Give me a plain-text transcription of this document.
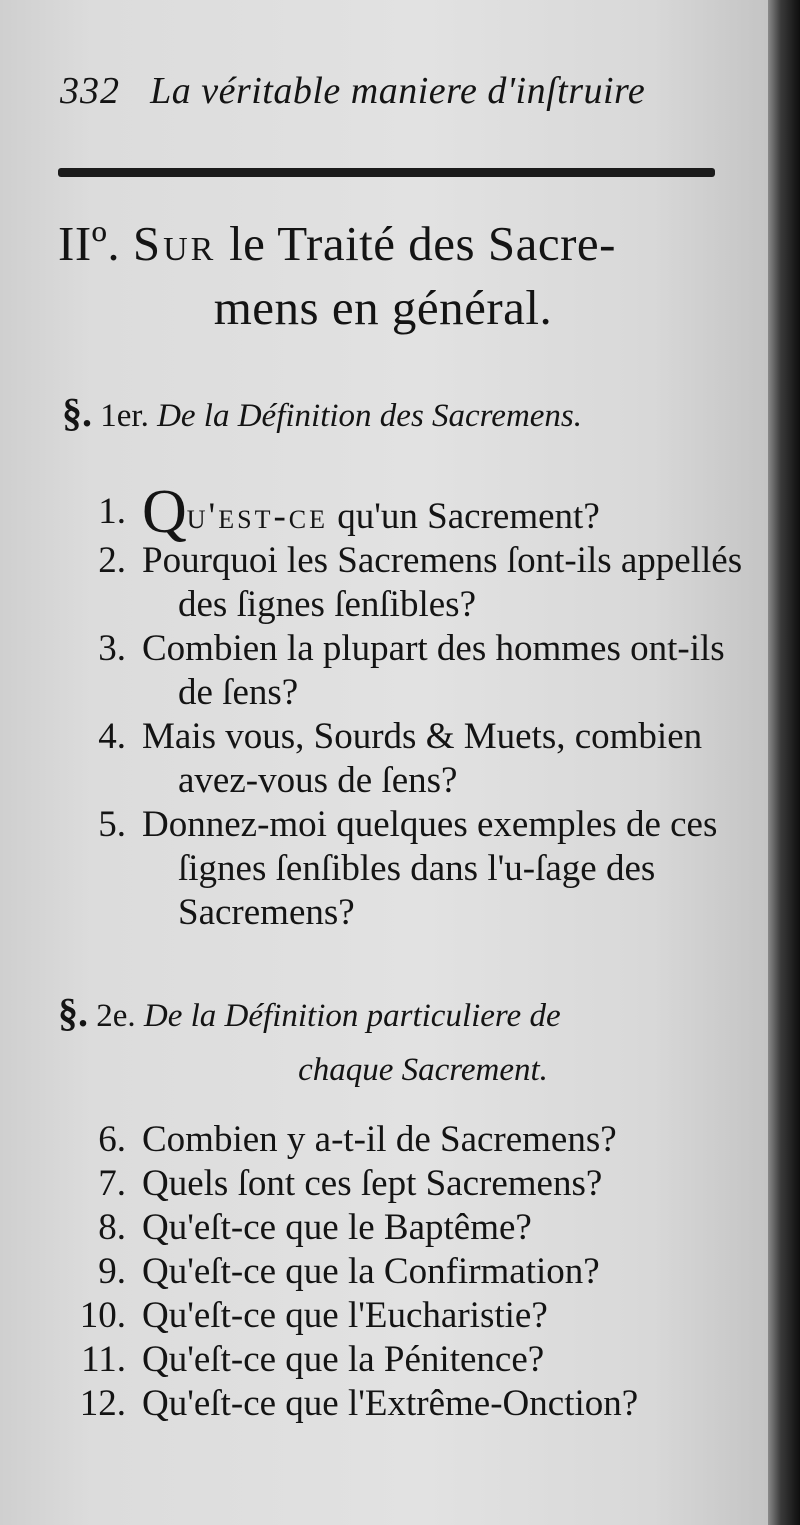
332 La véritable maniere d'inſtruire
IIº. Sur le Traité des Sacre-
mens en général.
§. 1er. De la Définition des Sacremens.
1. Qu'est-ce qu'un Sacrement?
2. Pourquoi les Sacremens ſont-ils appellés des ſignes ſenſibles?
3. Combien la plupart des hommes ont-ils de ſens?
4. Mais vous, Sourds & Muets, combien avez-vous de ſens?
5. Donnez-moi quelques exemples de ces ſignes ſenſibles dans l'u-ſage des Sacremens?
§. 2e. De la Définition particuliere de
chaque Sacrement.
6. Combien y a-t-il de Sacremens?
7. Quels ſont ces ſept Sacremens?
8. Qu'eſt-ce que le Baptême?
9. Qu'eſt-ce que la Confirmation?
10. Qu'eſt-ce que l'Eucharistie?
11. Qu'eſt-ce que la Pénitence?
12. Qu'eſt-ce que l'Extrême-Onction?
